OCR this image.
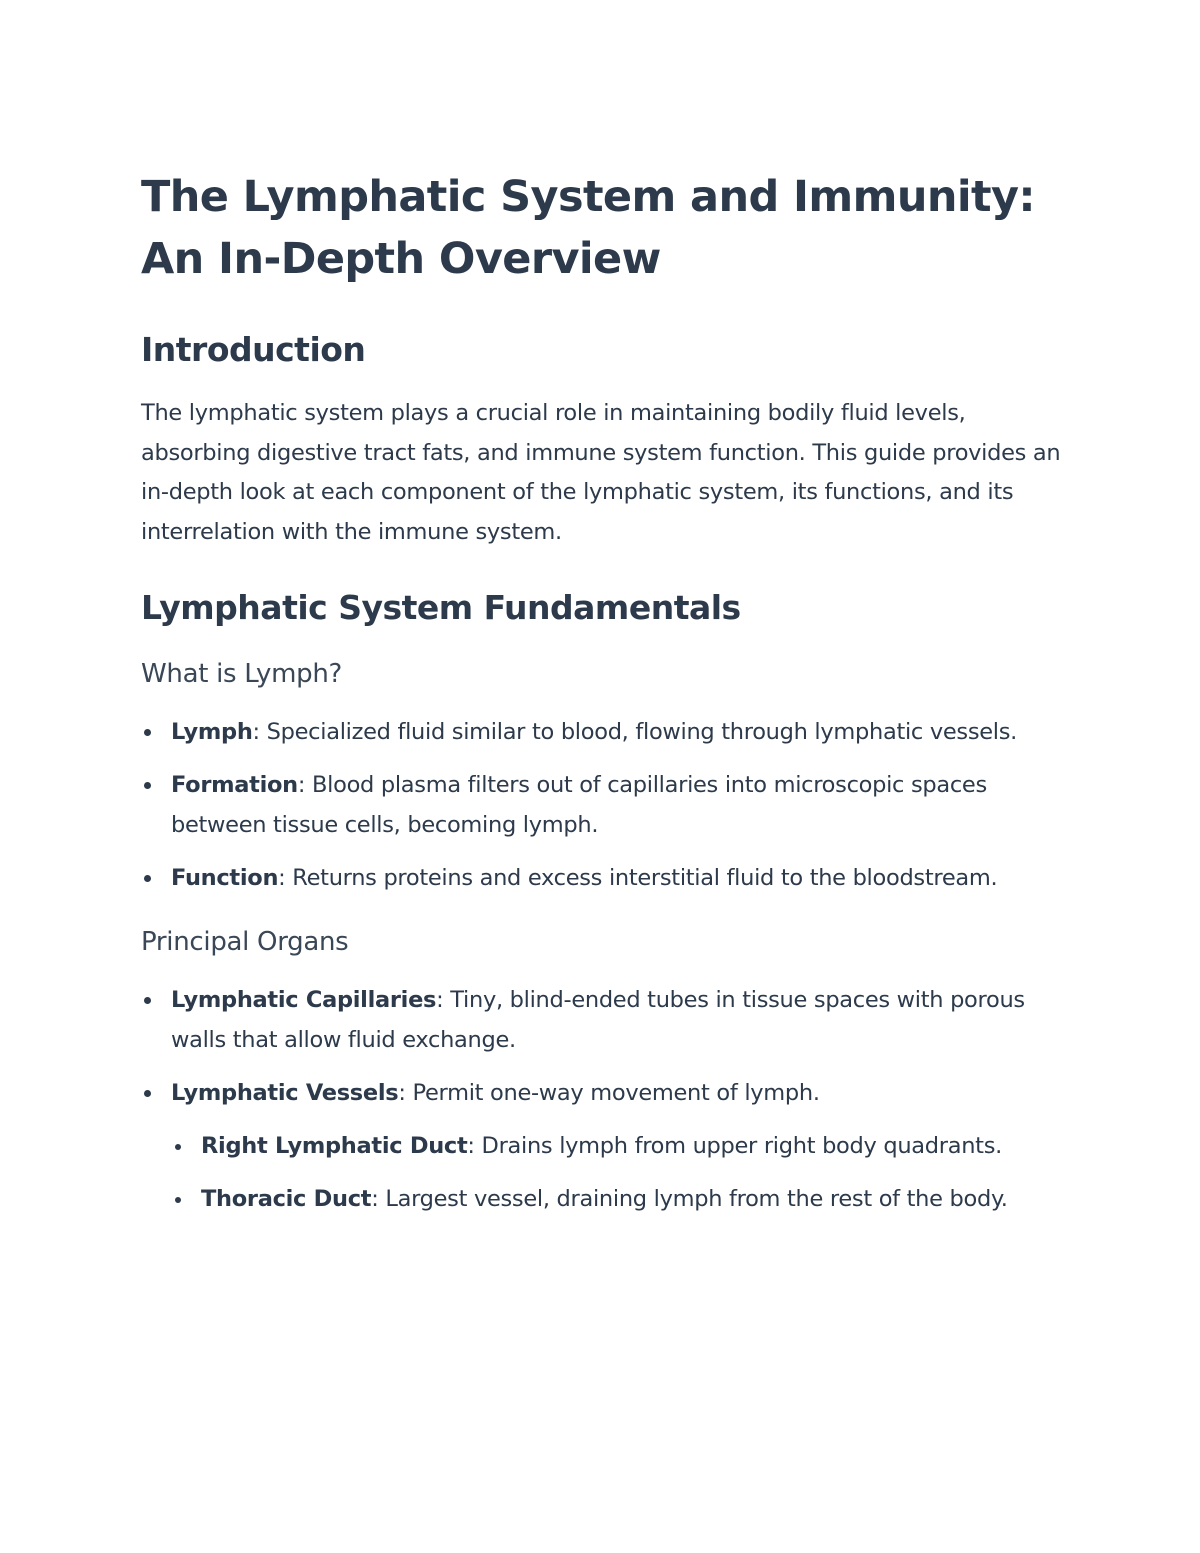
The Lymphatic System and Immunity:
An In-Depth Overview
Introduction

The lymphatic system plays a crucial role in maintaining bodily fluid levels, absorbing digestive tract fats, and immune system function. This guide provides an in-depth look at each component of the lymphatic system, its functions, and its interrelation with the immune system.

Lymphatic System Fundamentals
What is Lymph?
Lymph: Specialized fluid similar to blood, flowing through lymphatic vessels.
Formation: Blood plasma filters out of capillaries into microscopic spaces between tissue cells, becoming lymph.
Function: Returns proteins and excess interstitial fluid to the bloodstream.
Principal Organs
Lymphatic Capillaries: Tiny, blind-ended tubes in tissue spaces with porous walls that allow fluid exchange.
Lymphatic Vessels: Permit one-way movement of lymph.
Right Lymphatic Duct: Drains lymph from upper right body quadrants.
Thoracic Duct: Largest vessel, draining lymph from the rest of the body.
